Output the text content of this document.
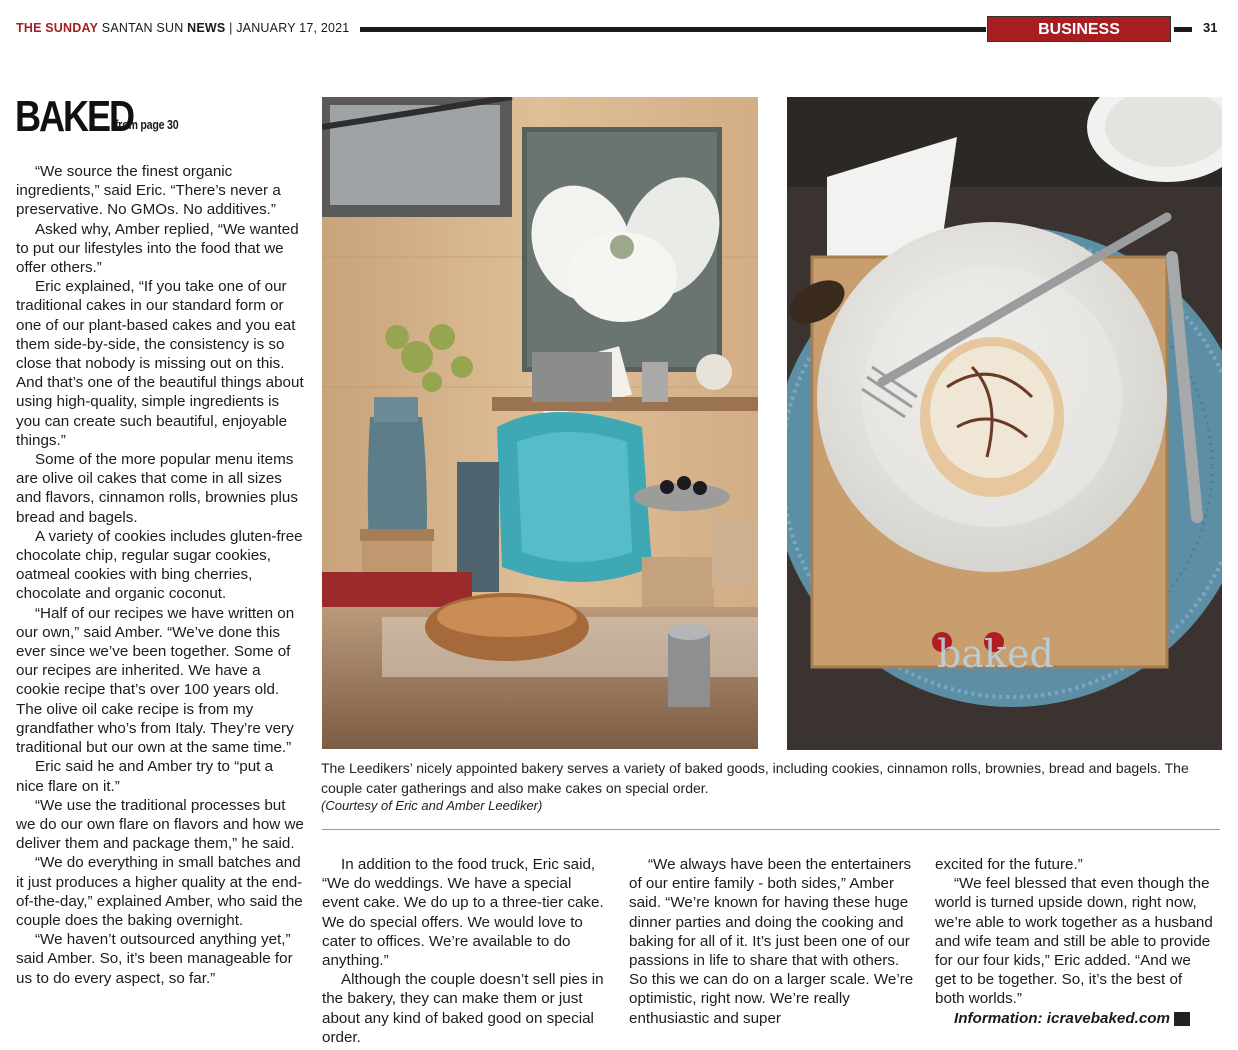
THE SUNDAY SANTAN SUN NEWS | JANUARY 17, 2021	BUSINESS	31
BAKED
from page 30

“We source the finest organic ingredients,” said Eric. “There’s never a preservative. No GMOs. No additives.”

Asked why, Amber replied, “We wanted to put our lifestyles into the food that we offer others.”

Eric explained, “If you take one of our traditional cakes in our standard form or one of our plant-based cakes and you eat them side-by-side, the consistency is so close that nobody is missing out on this. And that’s one of the beautiful things about using high-quality, simple ingredients is you can create such beautiful, enjoyable things.”

Some of the more popular menu items are olive oil cakes that come in all sizes and flavors, cinnamon rolls, brownies plus bread and bagels.

A variety of cookies includes gluten-free chocolate chip, regular sugar cookies, oatmeal cookies with bing cherries, chocolate and organic coconut.

“Half of our recipes we have written on our own,” said Amber. “We’ve done this ever since we’ve been together. Some of our recipes are inherited. We have a cookie recipe that’s over 100 years old. The olive oil cake recipe is from my grandfather who’s from Italy. They’re very traditional but our own at the same time.”

Eric said he and Amber try to “put a nice flare on it.”

“We use the traditional processes but we do our own flare on flavors and how we deliver them and package them,” he said.

“We do everything in small batches and it just produces a higher quality at the end-of-the-day,” explained Amber, who said the couple does the baking overnight.

“We haven’t outsourced anything yet,” said Amber. So, it’s been manageable for us to do every aspect, so far.”

baked
The Leedikers’ nicely appointed bakery serves a variety of baked goods, including cookies, cinnamon rolls, brownies, bread and bagels. The couple cater gatherings and also make cakes on special order.
(Courtesy of Eric and Amber Leediker)

In addition to the food truck, Eric said, “We do weddings. We have a special event cake. We do up to a three-tier cake. We do special offers. We would love to cater to offices. We’re available to do anything.”

Although the couple doesn’t sell pies in the bakery, they can make them or just about any kind of baked good on special order.

“We always have been the entertainers of our entire family - both sides,” Amber said. “We’re known for having these huge dinner parties and doing the cooking and baking for all of it. It’s just been one of our passions in life to share that with others. So this we can do on a larger scale. We’re optimistic, right now. We’re really enthusiastic and super

excited for the future.”

“We feel blessed that even though the world is turned upside down, right now, we’re able to work together as a husband and wife team and still be able to provide for our four kids,” Eric added. “And we get to be together. So, it’s the best of both worlds.”

Information: icravebaked.com	STSN
